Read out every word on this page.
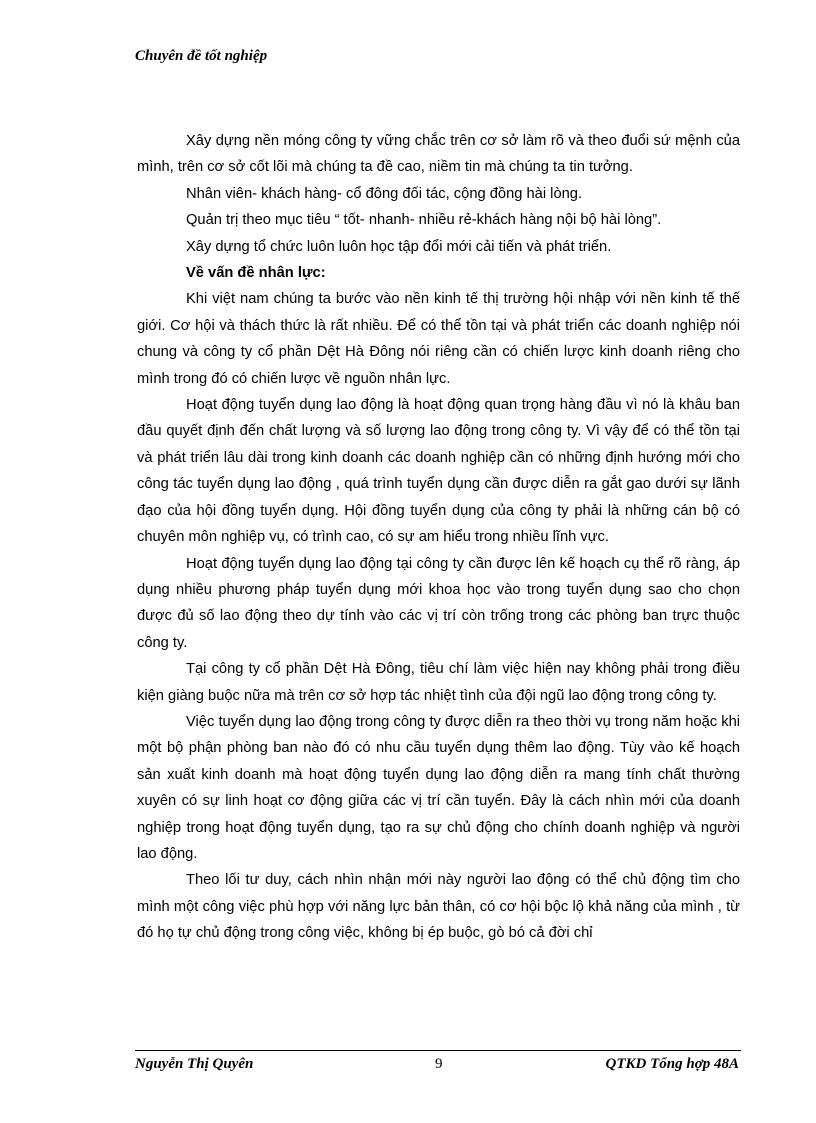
Chuyên đề tốt nghiệp

Xây dựng nền móng công ty vững chắc trên cơ sở làm rõ và theo đuổi sứ mệnh của mình, trên cơ sở cốt lõi mà chúng ta đề cao, niềm tin mà chúng ta tin tưởng.

Nhân viên- khách hàng- cổ đông đối tác, cộng đồng hài lòng.

Quản trị theo mục tiêu “ tốt- nhanh- nhiều rẻ-khách hàng nội bộ hài lòng”.

Xây dựng tổ chức luôn luôn học tập đổi mới cải tiến và phát triển.

Về vấn đề nhân lực:

Khi việt nam chúng ta bước vào nền kinh tế thị trường hội nhập với nền kinh tế thế giới. Cơ hội và thách thức là rất nhiều. Để có thể tồn tại và phát triển các doanh nghiệp nói chung và công ty cổ phần Dệt Hà Đông nói riêng cần có chiến lược kinh doanh riêng cho mình trong đó có chiến lược về nguồn nhân lực.

Hoạt động tuyển dụng lao động là hoạt động quan trọng hàng đầu vì nó là khâu ban đầu quyết định đến chất lượng và số lượng lao động trong công ty. Vì vậy để có thể tồn tại và phát triển lâu dài trong kinh doanh các doanh nghiệp cần có những định hướng mới cho công tác tuyển dụng lao động , quá trình tuyển dụng cần được diễn ra gắt gao dưới sự lãnh đạo của hội đồng tuyển dụng. Hội đồng tuyển dụng của công ty phải là những cán bộ có chuyên môn nghiệp vụ, có trình cao, có sự am hiểu trong nhiều lĩnh vực.

Hoạt động tuyển dụng lao động tại công ty cần được lên kế hoạch cụ thể rõ ràng, áp dụng nhiều phương pháp tuyển dụng mới khoa học vào trong tuyển dụng sao cho chọn được đủ số lao động theo dự tính vào các vị trí còn trống trong các phòng ban trực thuộc công ty.

Tại công ty cổ phần Dệt Hà Đông, tiêu chí làm việc hiện nay không phải trong điều kiện giàng buộc nữa mà trên cơ sở hợp tác nhiệt tình của đội ngũ lao động trong công ty.

Việc tuyển dụng lao động trong công ty được diễn ra theo thời vụ trong năm hoặc khi một bộ phận phòng ban nào đó có nhu cầu tuyển dụng thêm lao động. Tùy vào kế hoạch sản xuất kinh doanh mà hoạt động tuyển dụng lao động diễn ra mang tính chất thường xuyên có sự linh hoạt cơ động giữa các vị trí cần tuyển. Đây là cách nhìn mới của doanh nghiệp trong hoạt động tuyển dụng, tạo ra sự chủ động cho chính doanh nghiệp và người lao động.

Theo lối tư duy, cách nhìn nhận mới này người lao động có thể chủ động tìm cho mình một công việc phù hợp với năng lực bản thân, có cơ hội bộc lộ khả năng của mình , từ đó họ tự chủ động trong công việc, không bị ép buộc, gò bó cả đời chỉ

Nguyễn Thị Quyên	9	QTKD Tổng hợp 48A
